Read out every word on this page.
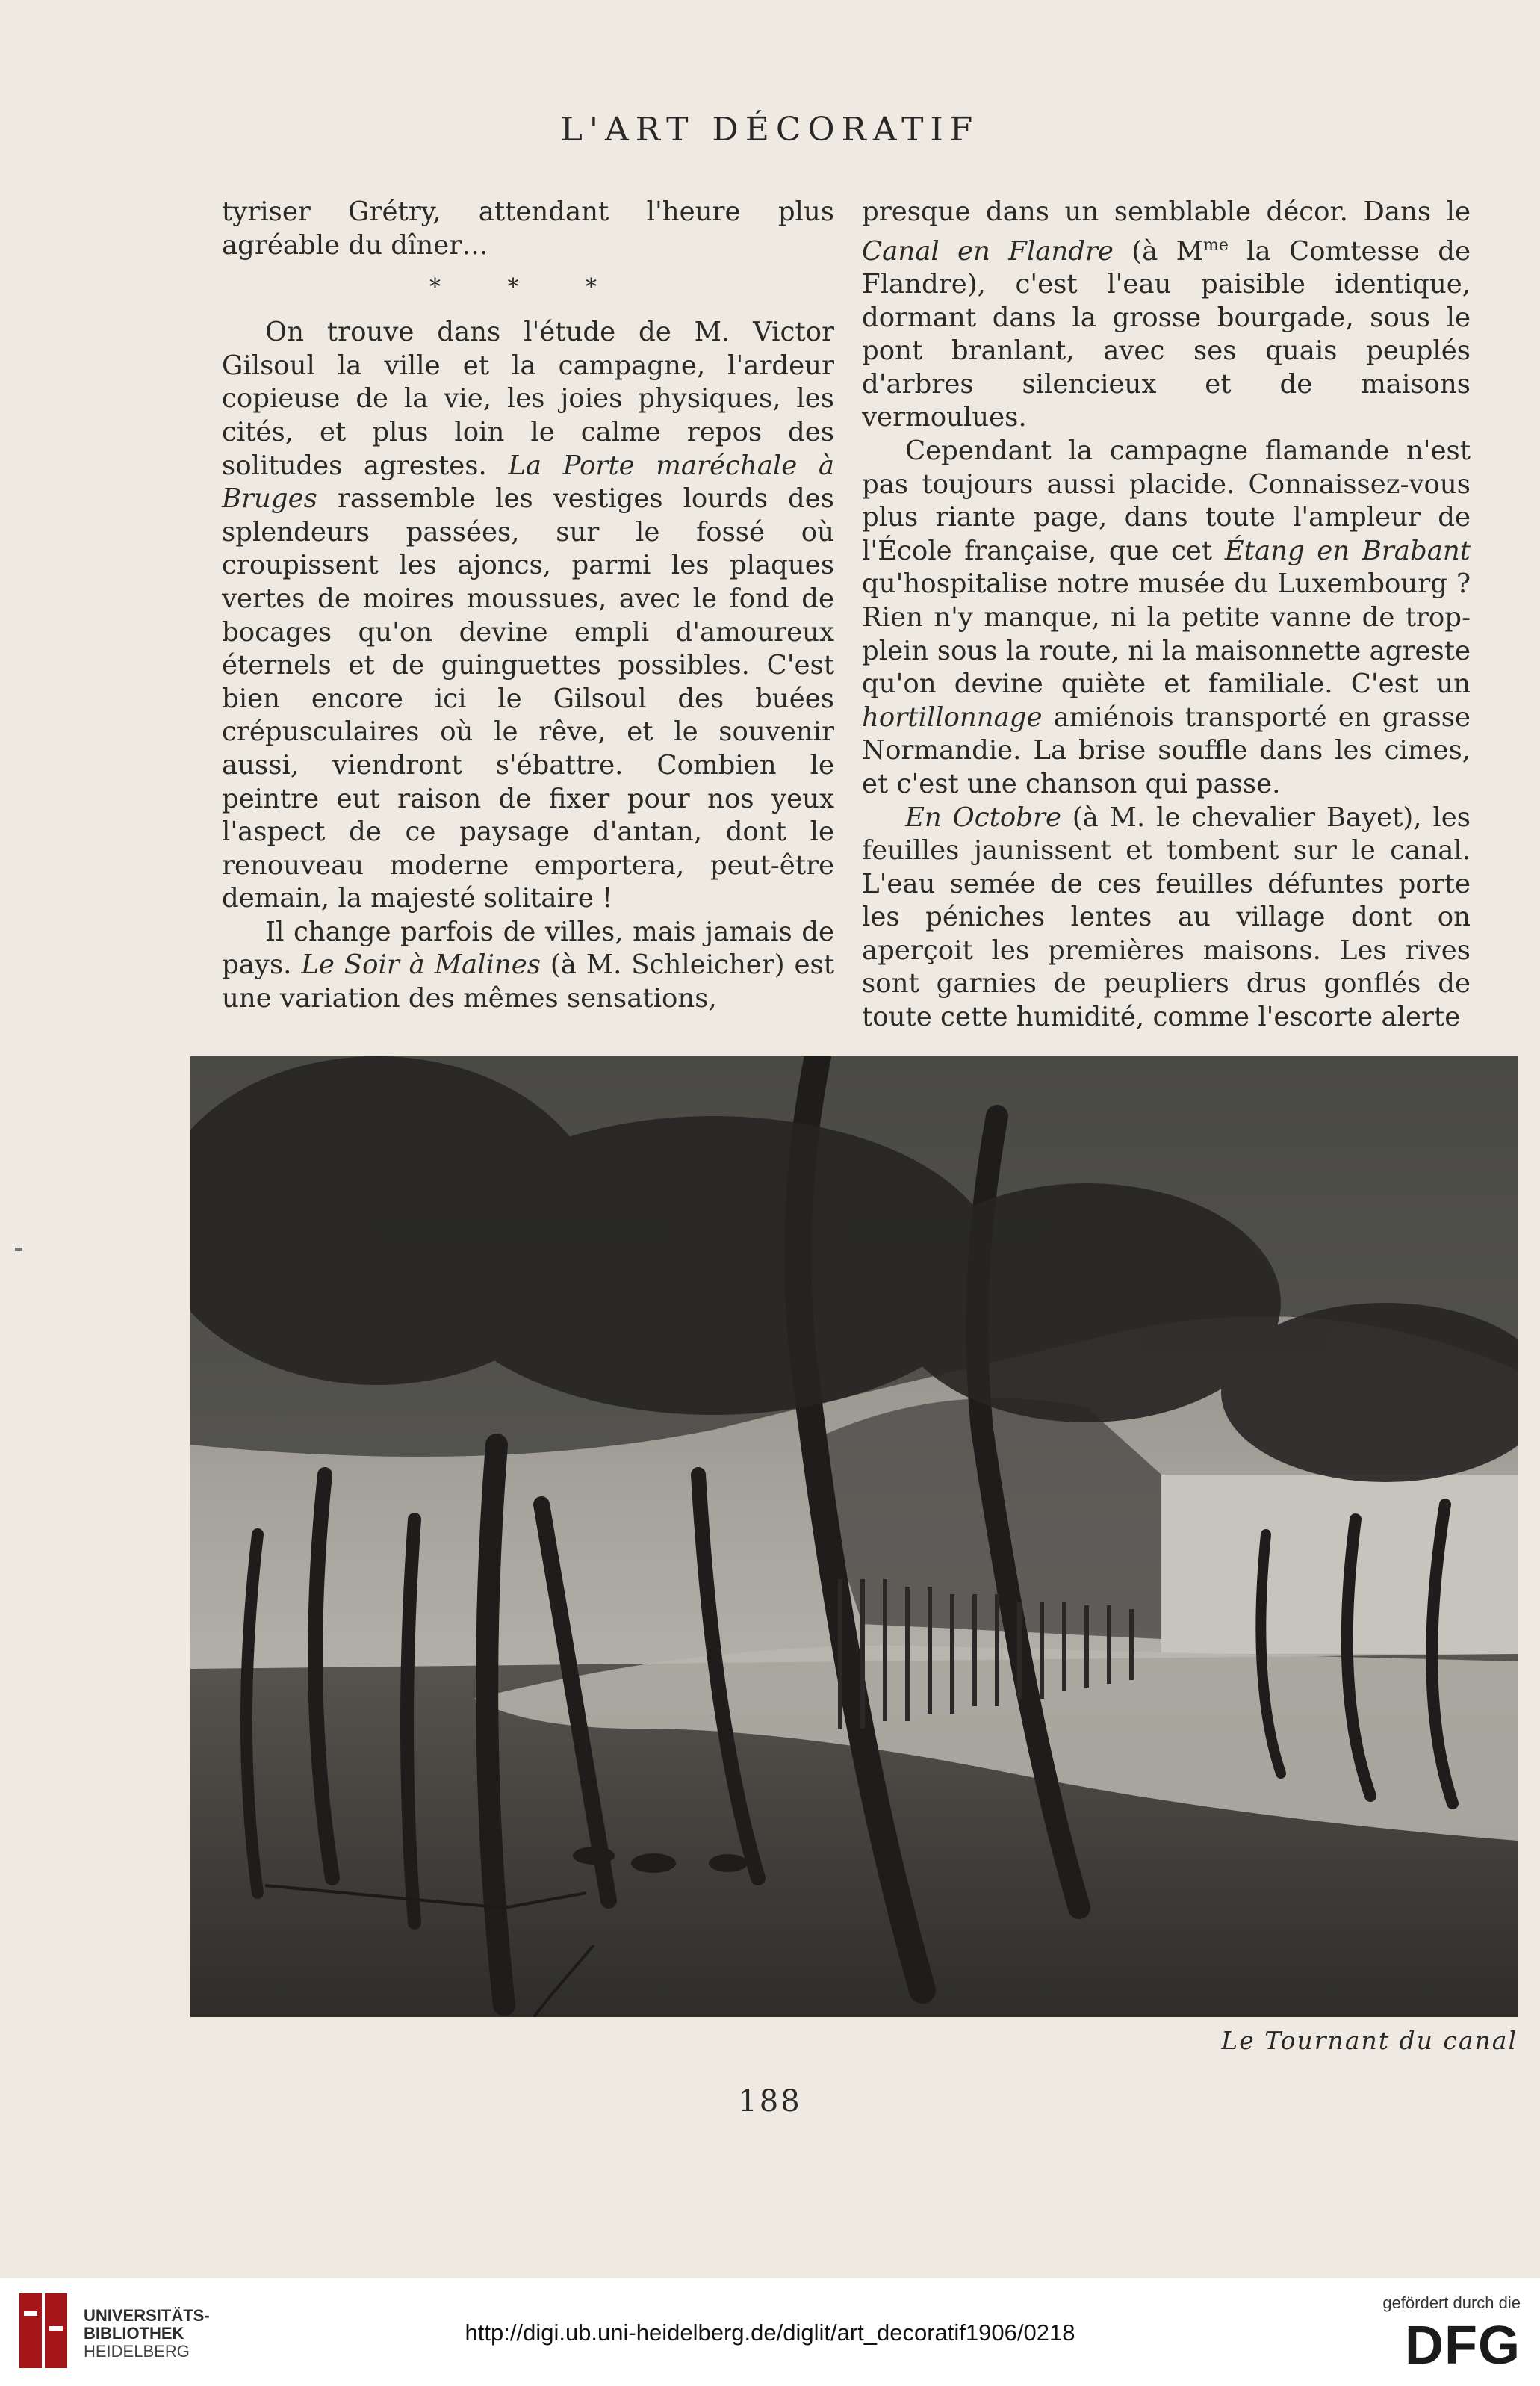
L'ART DÉCORATIF

tyriser Grétry, attendant l'heure plus agréable du dîner…

* * *

On trouve dans l'étude de M. Victor Gilsoul la ville et la campagne, l'ardeur copieuse de la vie, les joies physiques, les cités, et plus loin le calme repos des solitudes agrestes. La Porte maréchale à Bruges rassemble les vestiges lourds des splendeurs passées, sur le fossé où croupissent les ajoncs, parmi les plaques vertes de moires moussues, avec le fond de bocages qu'on devine empli d'amoureux éternels et de guinguettes possibles. C'est bien encore ici le Gilsoul des buées crépusculaires où le rêve, et le souvenir aussi, viendront s'ébattre. Combien le peintre eut raison de fixer pour nos yeux l'aspect de ce paysage d'antan, dont le renouveau moderne emportera, peut-être demain, la majesté solitaire !

Il change parfois de villes, mais jamais de pays. Le Soir à Malines (à M. Schleicher) est une variation des mêmes sensations,

presque dans un semblable décor. Dans le Canal en Flandre (à $M^{me}$ la Comtesse de Flandre), c'est l'eau paisible identique, dormant dans la grosse bourgade, sous le pont branlant, avec ses quais peuplés d'arbres silencieux et de maisons vermoulues.

Cependant la campagne flamande n'est pas toujours aussi placide. Connaissez-vous plus riante page, dans toute l'ampleur de l'École française, que cet Étang en Brabant qu'hospitalise notre musée du Luxembourg ? Rien n'y manque, ni la petite vanne de trop-plein sous la route, ni la maisonnette agreste qu'on devine quiète et familiale. C'est un hortillonnage amiénois transporté en grasse Normandie. La brise souffle dans les cimes, et c'est une chanson qui passe.

En Octobre (à M. le chevalier Bayet), les feuilles jaunissent et tombent sur le canal. L'eau semée de ces feuilles défuntes porte les péniches lentes au village dont on aperçoit les premières maisons. Les rives sont garnies de peupliers drus gonflés de toute cette humidité, comme l'escorte alerte

Le Tournant du canal
188
UNIVERSITÄTS-
BIBLIOTHEK
HEIDELBERG
http://digi.ub.uni-heidelberg.de/diglit/art_decoratif1906/0218
gefördert durch die
DFG
